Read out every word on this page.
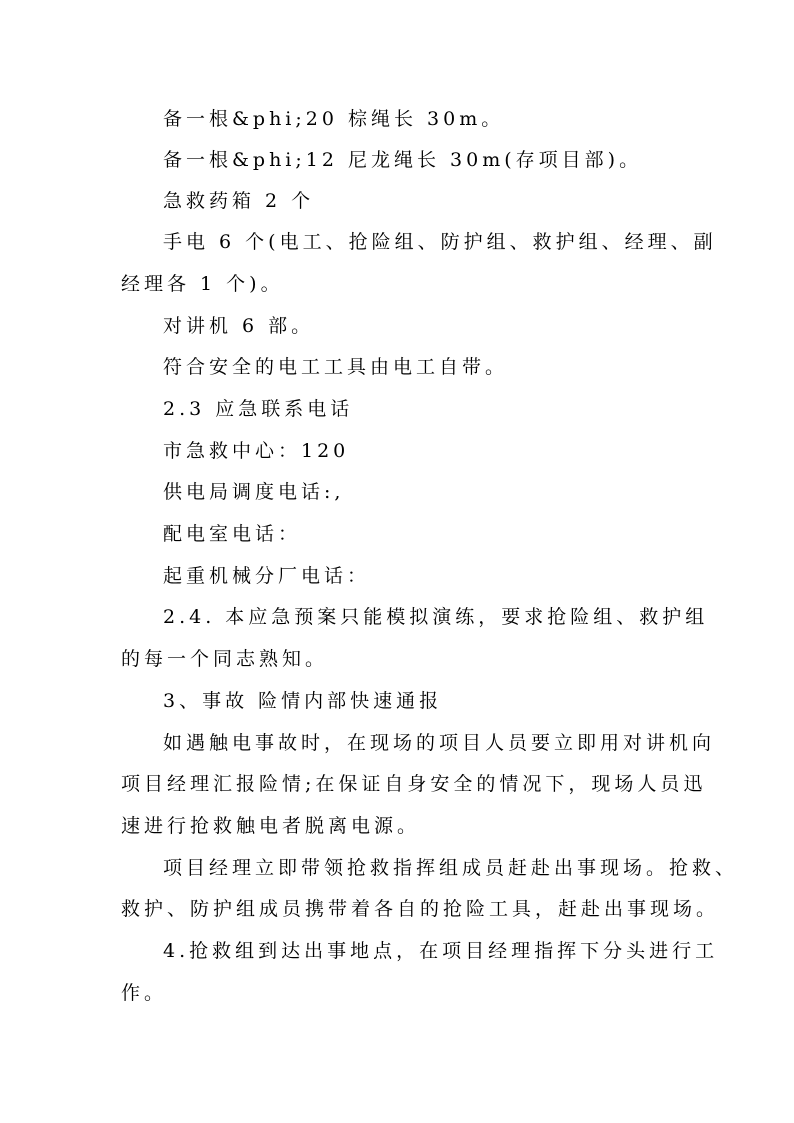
备一根&phi;20 棕绳长 30m。

备一根&phi;12 尼龙绳长 30m(存项目部)。

急救药箱 2 个

手电 6 个(电工、抢险组、防护组、救护组、经理、副

经理各 1 个)。

对讲机 6 部。

符合安全的电工工具由电工自带。

2.3 应急联系电话

市急救中心：120

供电局调度电话:,

配电室电话：

起重机械分厂电话：

2.4. 本应急预案只能模拟演练，要求抢险组、救护组

的每一个同志熟知。

3、事故 险情内部快速通报

如遇触电事故时，在现场的项目人员要立即用对讲机向

项目经理汇报险情;在保证自身安全的情况下，现场人员迅

速进行抢救触电者脱离电源。

项目经理立即带领抢救指挥组成员赶赴出事现场。抢救、

救护、防护组成员携带着各自的抢险工具，赶赴出事现场。

4.抢救组到达出事地点，在项目经理指挥下分头进行工

作。
